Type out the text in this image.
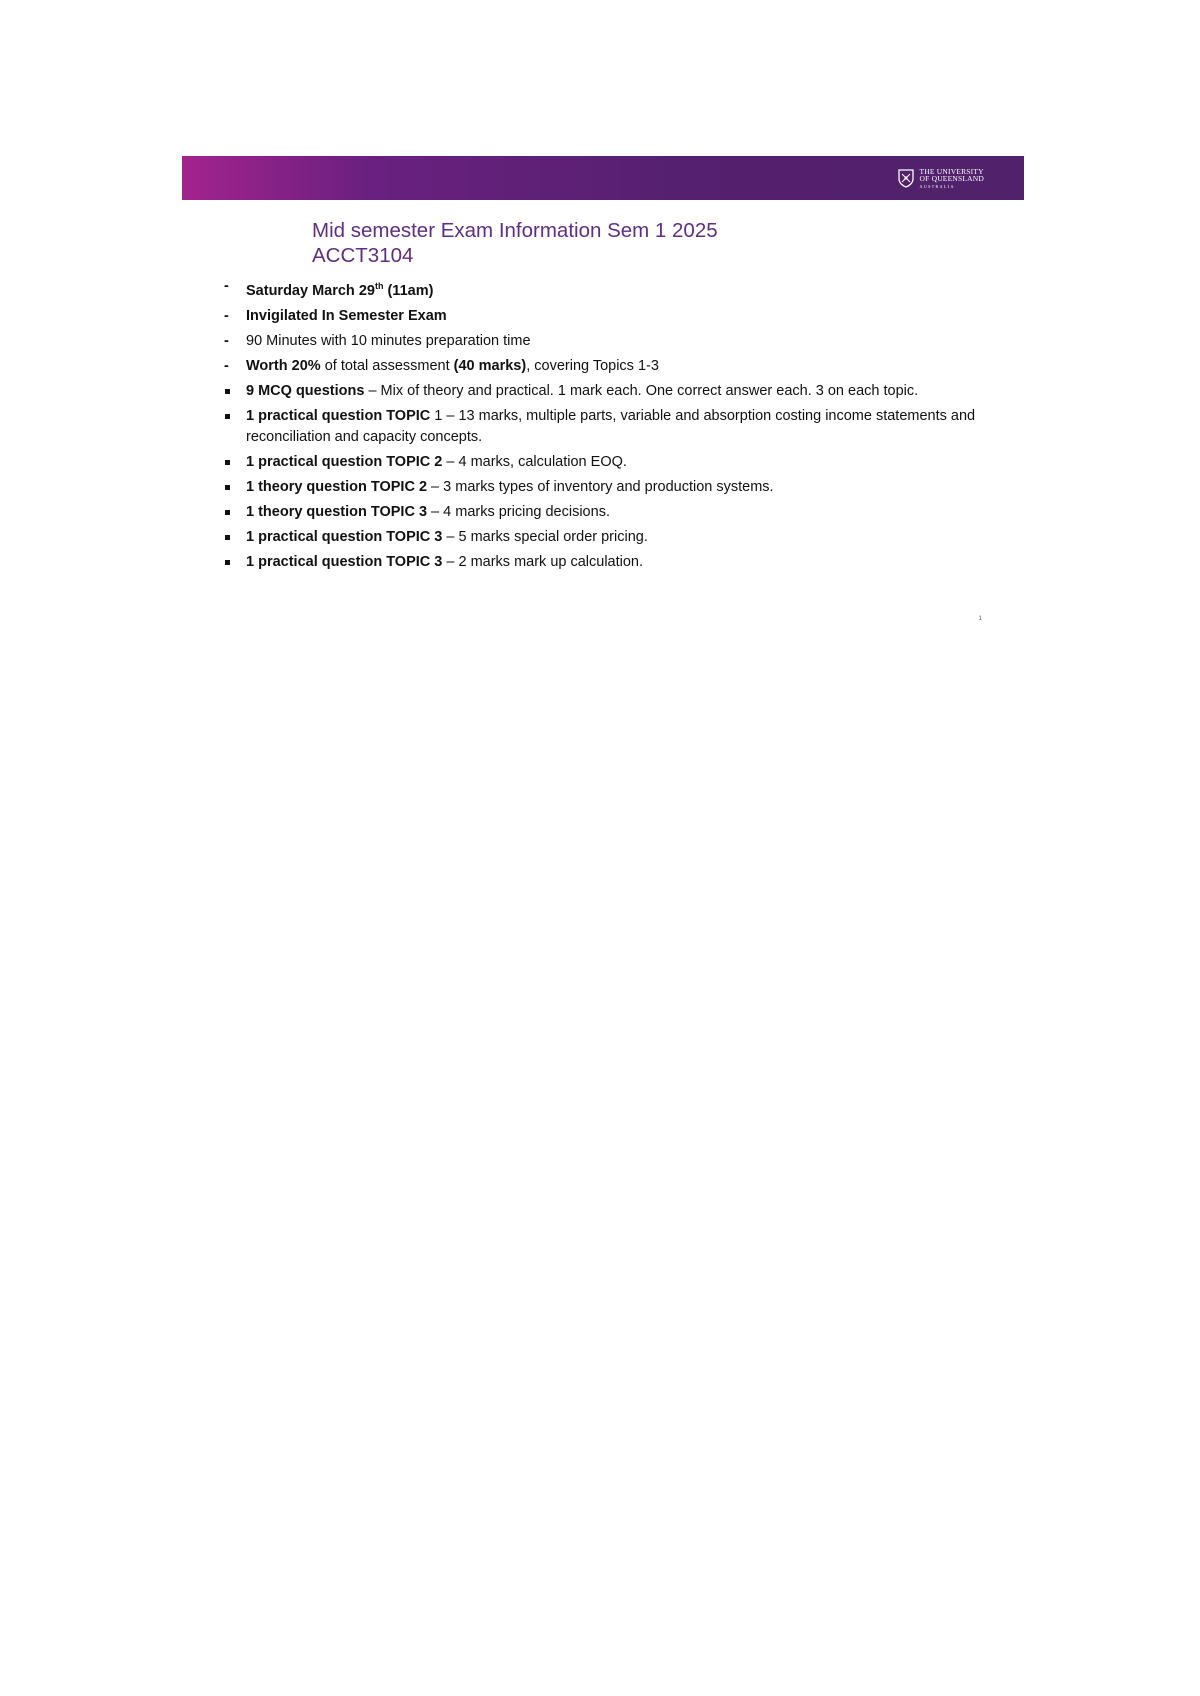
THE UNIVERSITY
OF QUEENSLAND
AUSTRALIA
Mid semester Exam Information Sem 1 2025
ACCT3104
-
Saturday March 29th (11am)
-
Invigilated In Semester Exam
-
90 Minutes with 10 minutes preparation time
-
Worth 20% of total assessment (40 marks), covering Topics 1-3
9 MCQ questions – Mix of theory and practical. 1 mark each. One correct answer each. 3 on each topic.
1 practical question TOPIC 1 – 13 marks, multiple parts, variable and absorption costing income statements and reconciliation and capacity concepts.
1 practical question TOPIC 2 – 4 marks, calculation EOQ.
1 theory question TOPIC 2 – 3 marks types of inventory and production systems.
1 theory question TOPIC 3 – 4 marks pricing decisions.
1 practical question TOPIC 3 – 5 marks special order pricing.
1 practical question TOPIC 3 – 2 marks mark up calculation.
1
